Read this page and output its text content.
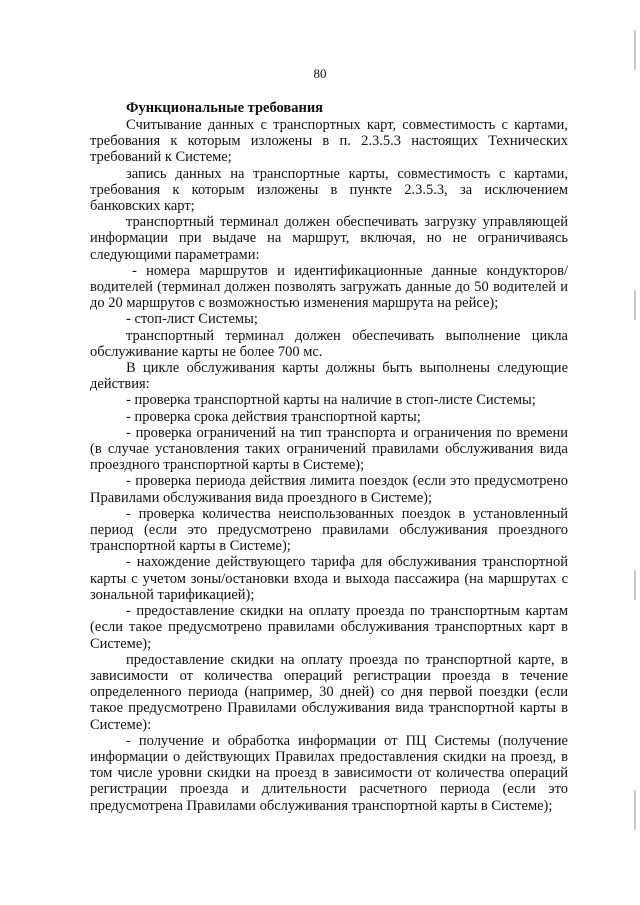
80

Функциональные требования

Считывание данных с транспортных карт, совместимость с картами, требования к которым изложены в п. 2.3.5.3 настоящих Технических требований к Системе;

запись данных на транспортные карты, совместимость с картами, требования к которым изложены в пункте 2.3.5.3, за исключением банковских карт;

транспортный терминал должен обеспечивать загрузку управляющей информации при выдаче на маршрут, включая, но не ограничиваясь следующими параметрами:

- номера маршрутов и идентификационные данные кондукторов/водителей (терминал должен позволять загружать данные до 50 водителей и до 20 маршрутов с возможностью изменения маршрута на рейсе);

- стоп-лист Системы;

транспортный терминал должен обеспечивать выполнение цикла обслуживание карты не более 700 мс.

В цикле обслуживания карты должны быть выполнены следующие действия:

- проверка транспортной карты на наличие в стоп-листе Системы;

- проверка срока действия транспортной карты;

- проверка ограничений на тип транспорта и ограничения по времени (в случае установления таких ограничений правилами обслуживания вида проездного транспортной карты в Системе);

- проверка периода действия лимита поездок (если это предусмотрено Правилами обслуживания вида проездного в Системе);

- проверка количества неиспользованных поездок в установленный период (если это предусмотрено правилами обслуживания проездного транспортной карты в Системе);

- нахождение действующего тарифа для обслуживания транспортной карты с учетом зоны/остановки входа и выхода пассажира (на маршрутах с зональной тарификацией);

- предоставление скидки на оплату проезда по транспортным картам (если такое предусмотрено правилами обслуживания транспортных карт в Системе);

предоставление скидки на оплату проезда по транспортной карте, в зависимости от количества операций регистрации проезда в течение определенного периода (например, 30 дней) со дня первой поездки (если такое предусмотрено Правилами обслуживания вида транспортной карты в Системе):

- получение и обработка информации от ПЦ Системы (получение информации о действующих Правилах предоставления скидки на проезд, в том числе уровни скидки на проезд в зависимости от количества операций регистрации проезда и длительности расчетного периода (если это предусмотрена Правилами обслуживания транспортной карты в Системе);
